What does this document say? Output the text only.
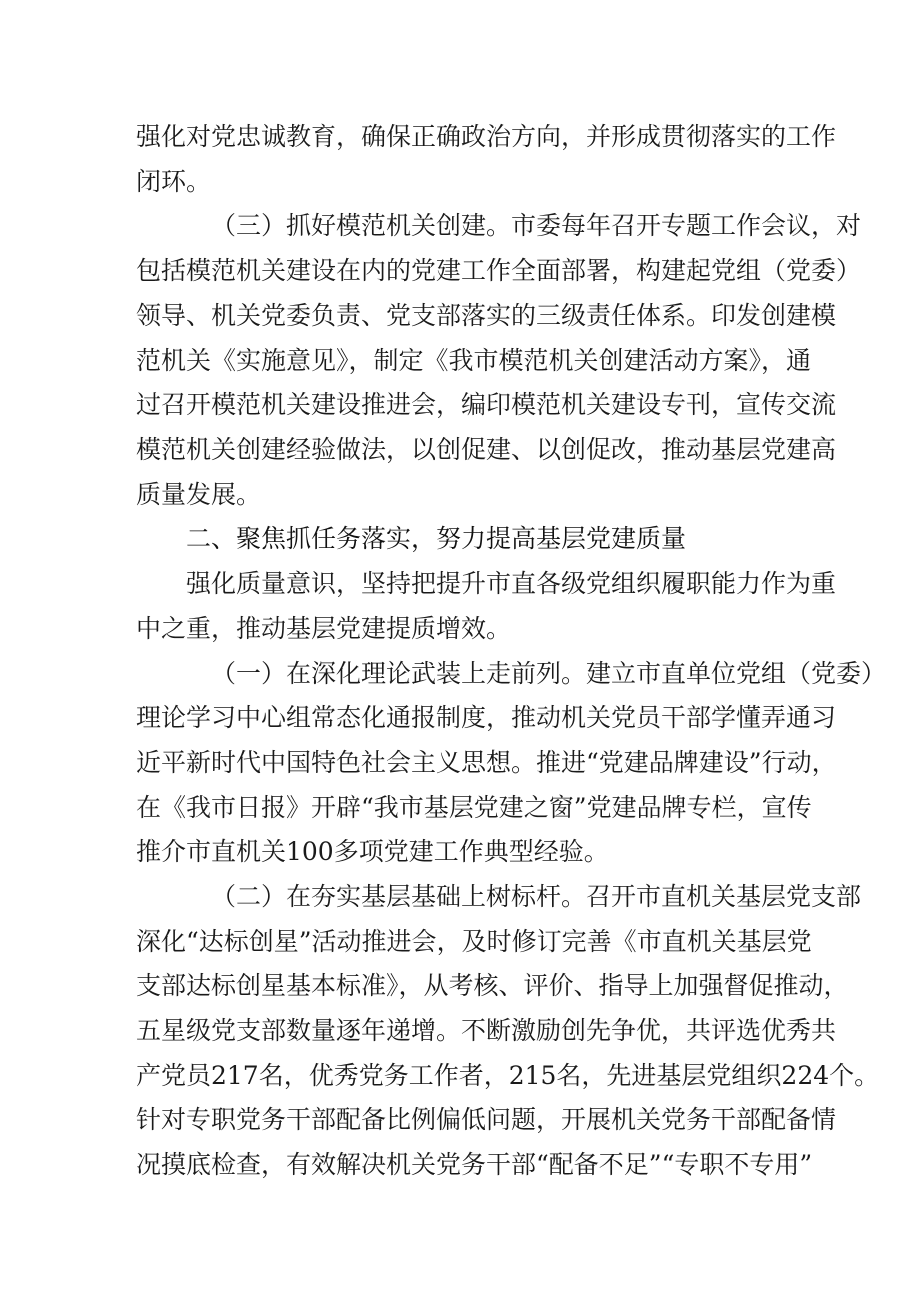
强化对党忠诚教育，确保正确政治方向，并形成贯彻落实的工作
闭环。
（三）抓好模范机关创建。市委每年召开专题工作会议，对
包括模范机关建设在内的党建工作全面部署，构建起党组（党委）
领导、机关党委负责、党支部落实的三级责任体系。印发创建模
范机关《实施意见》，制定《我市模范机关创建活动方案》，通
过召开模范机关建设推进会，编印模范机关建设专刊，宣传交流
模范机关创建经验做法，以创促建、以创促改，推动基层党建高
质量发展。
二、聚焦抓任务落实，努力提高基层党建质量
强化质量意识，坚持把提升市直各级党组织履职能力作为重
中之重，推动基层党建提质增效。
（一）在深化理论武装上走前列。建立市直单位党组（党委）
理论学习中心组常态化通报制度，推动机关党员干部学懂弄通习
近平新时代中国特色社会主义思想。推进“党建品牌建设”行动，
在《我市日报》开辟“我市基层党建之窗”党建品牌专栏，宣传
推介市直机关100多项党建工作典型经验。
（二）在夯实基层基础上树标杆。召开市直机关基层党支部
深化“达标创星”活动推进会，及时修订完善《市直机关基层党
支部达标创星基本标准》，从考核、评价、指导上加强督促推动，
五星级党支部数量逐年递增。不断激励创先争优，共评选优秀共
产党员217名，优秀党务工作者，215名，先进基层党组织224个。
针对专职党务干部配备比例偏低问题，开展机关党务干部配备情
况摸底检查，有效解决机关党务干部“配备不足”“专职不专用”
